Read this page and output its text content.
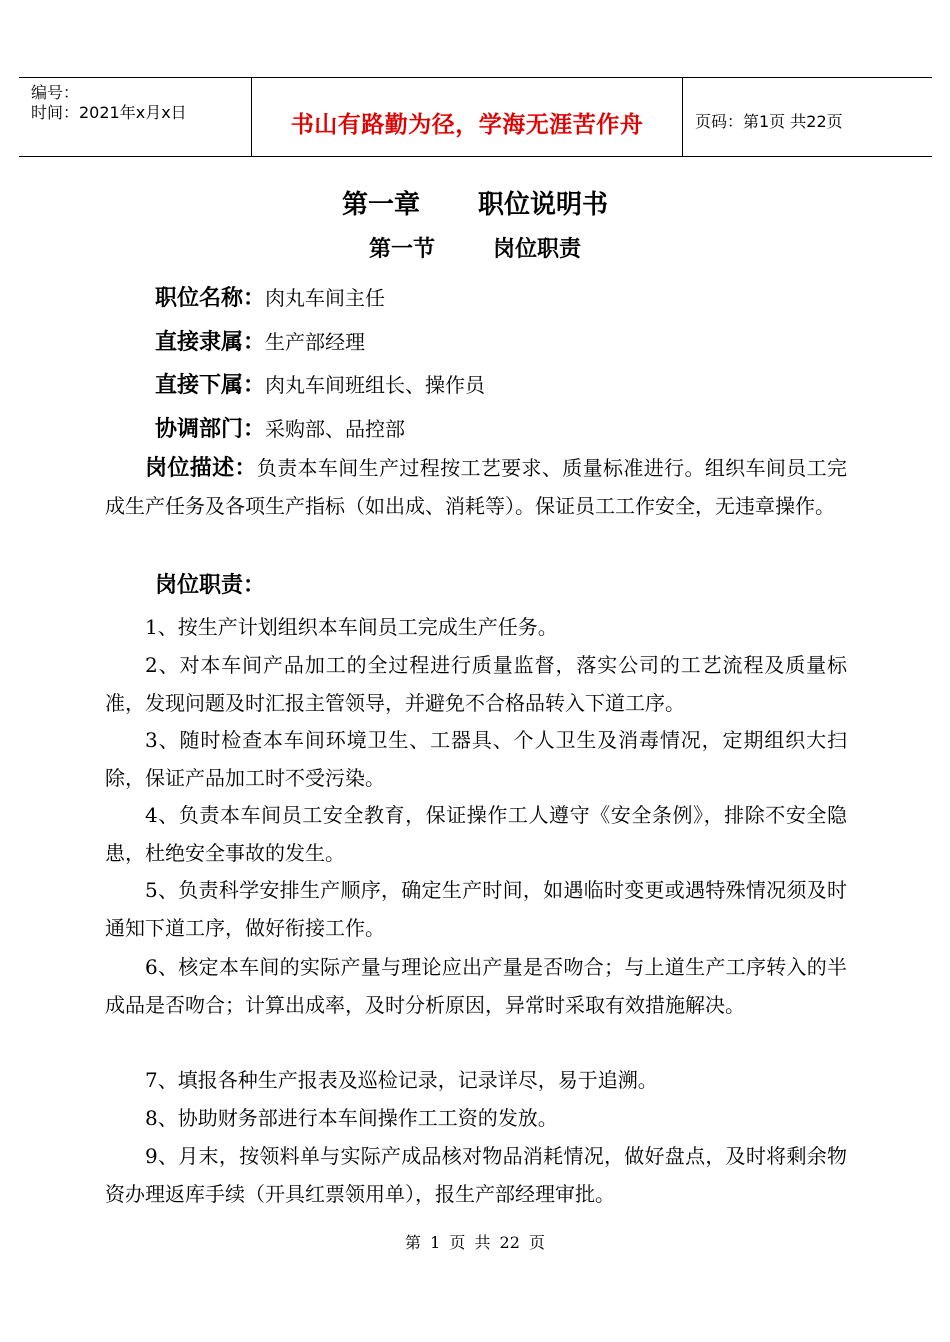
编号：
时间：2021年x月x日	书山有路勤为径，学海无涯苦作舟	页码：第1页 共22页
第一章 职位说明书
第一节	岗位职责
职位名称：肉丸车间主任
直接隶属：生产部经理
直接下属：肉丸车间班组长、操作员
协调部门：采购部、品控部
岗位描述：负责本车间生产过程按工艺要求、质量标准进行。组织车间员工完成生产任务及各项生产指标（如出成、消耗等）。保证员工工作安全，无违章操作。
岗位职责：
1、按生产计划组织本车间员工完成生产任务。
2、对本车间产品加工的全过程进行质量监督，落实公司的工艺流程及质量标准，发现问题及时汇报主管领导，并避免不合格品转入下道工序。
3、随时检查本车间环境卫生、工器具、个人卫生及消毒情况，定期组织大扫除，保证产品加工时不受污染。
4、负责本车间员工安全教育，保证操作工人遵守《安全条例》，排除不安全隐患，杜绝安全事故的发生。
5、负责科学安排生产顺序，确定生产时间，如遇临时变更或遇特殊情况须及时通知下道工序，做好衔接工作。
6、核定本车间的实际产量与理论应出产量是否吻合；与上道生产工序转入的半成品是否吻合；计算出成率，及时分析原因，异常时采取有效措施解决。
7、填报各种生产报表及巡检记录，记录详尽，易于追溯。
8、协助财务部进行本车间操作工工资的发放。
9、月末，按领料单与实际产成品核对物品消耗情况，做好盘点，及时将剩余物资办理返库手续（开具红票领用单），报生产部经理审批。
第 1 页 共 22 页
